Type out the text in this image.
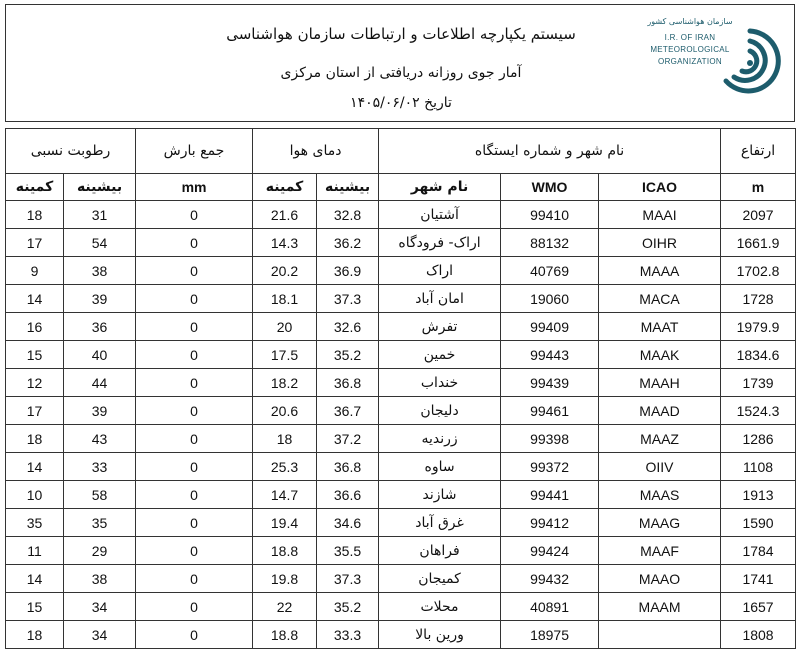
سیستم یکپارچه اطلاعات و ارتباطات سازمان هواشناسی
آمار جوی روزانه دریافتی از استان مرکزی
تاریخ ۱۴۰۵/۰۶/۰۲
سازمان هواشناسی کشور
I.R. OF IRAN
METEOROLOGICAL
ORGANIZATION
رطوبت نسبی		جمع بارش	دمای هوا		نام شهر و شماره ایستگاه			ارتفاع
کمینه	بیشینه	mm	کمینه	بیشینه	نام شهر	WMO	ICAO	m
18	31	0	21.6	32.8	آشتیان	99410	MAAI	2097
17	54	0	14.3	36.2	اراک- فرودگاه	88132	OIHR	1661.9
9	38	0	20.2	36.9	اراک	40769	MAAA	1702.8
14	39	0	18.1	37.3	امان آباد	19060	MACA	1728
16	36	0	20	32.6	تفرش	99409	MAAT	1979.9
15	40	0	17.5	35.2	خمین	99443	MAAK	1834.6
12	44	0	18.2	36.8	خنداب	99439	MAAH	1739
17	39	0	20.6	36.7	دلیجان	99461	MAAD	1524.3
18	43	0	18	37.2	زرندیه	99398	MAAZ	1286
14	33	0	25.3	36.8	ساوه	99372	OIIV	1108
10	58	0	14.7	36.6	شازند	99441	MAAS	1913
35	35	0	19.4	34.6	غرق آباد	99412	MAAG	1590
11	29	0	18.8	35.5	فراهان	99424	MAAF	1784
14	38	0	19.8	37.3	کمیجان	99432	MAAO	1741
15	34	0	22	35.2	محلات	40891	MAAM	1657
18	34	0	18.8	33.3	ورین بالا	18975		1808
